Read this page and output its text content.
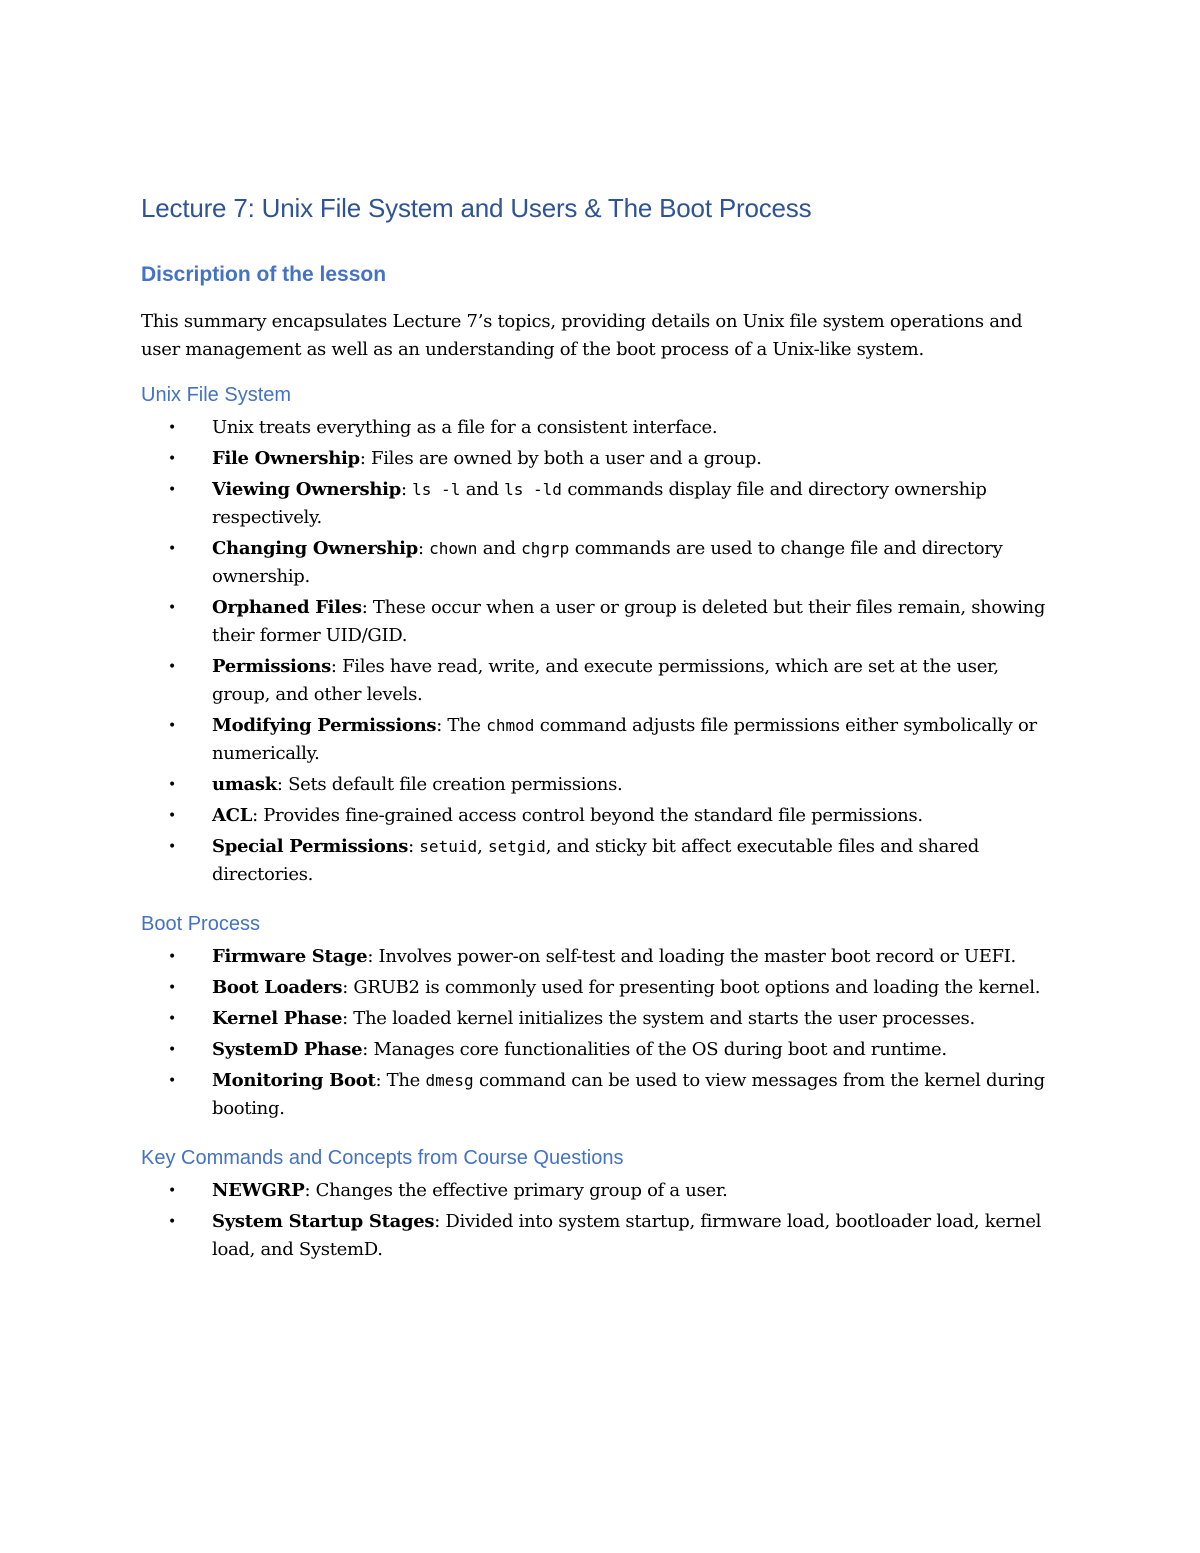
Lecture 7: Unix File System and Users & The Boot Process
Discription of the lesson

This summary encapsulates Lecture 7’s topics, providing details on Unix file system operations and user management as well as an understanding of the boot process of a Unix-like system.

Unix File System
• Unix treats everything as a file for a consistent interface.
• File Ownership: Files are owned by both a user and a group.
• Viewing Ownership: ls -l and ls -ld commands display file and directory ownership respectively.
• Changing Ownership: chown and chgrp commands are used to change file and directory ownership.
• Orphaned Files: These occur when a user or group is deleted but their files remain, showing their former UID/GID.
• Permissions: Files have read, write, and execute permissions, which are set at the user, group, and other levels.
• Modifying Permissions: The chmod command adjusts file permissions either symbolically or numerically.
• umask: Sets default file creation permissions.
• ACL: Provides fine-grained access control beyond the standard file permissions.
• Special Permissions: setuid, setgid, and sticky bit affect executable files and shared directories.
Boot Process
• Firmware Stage: Involves power-on self-test and loading the master boot record or UEFI.
• Boot Loaders: GRUB2 is commonly used for presenting boot options and loading the kernel.
• Kernel Phase: The loaded kernel initializes the system and starts the user processes.
• SystemD Phase: Manages core functionalities of the OS during boot and runtime.
• Monitoring Boot: The dmesg command can be used to view messages from the kernel during booting.
Key Commands and Concepts from Course Questions
• NEWGRP: Changes the effective primary group of a user.
• System Startup Stages: Divided into system startup, firmware load, bootloader load, kernel load, and SystemD.
